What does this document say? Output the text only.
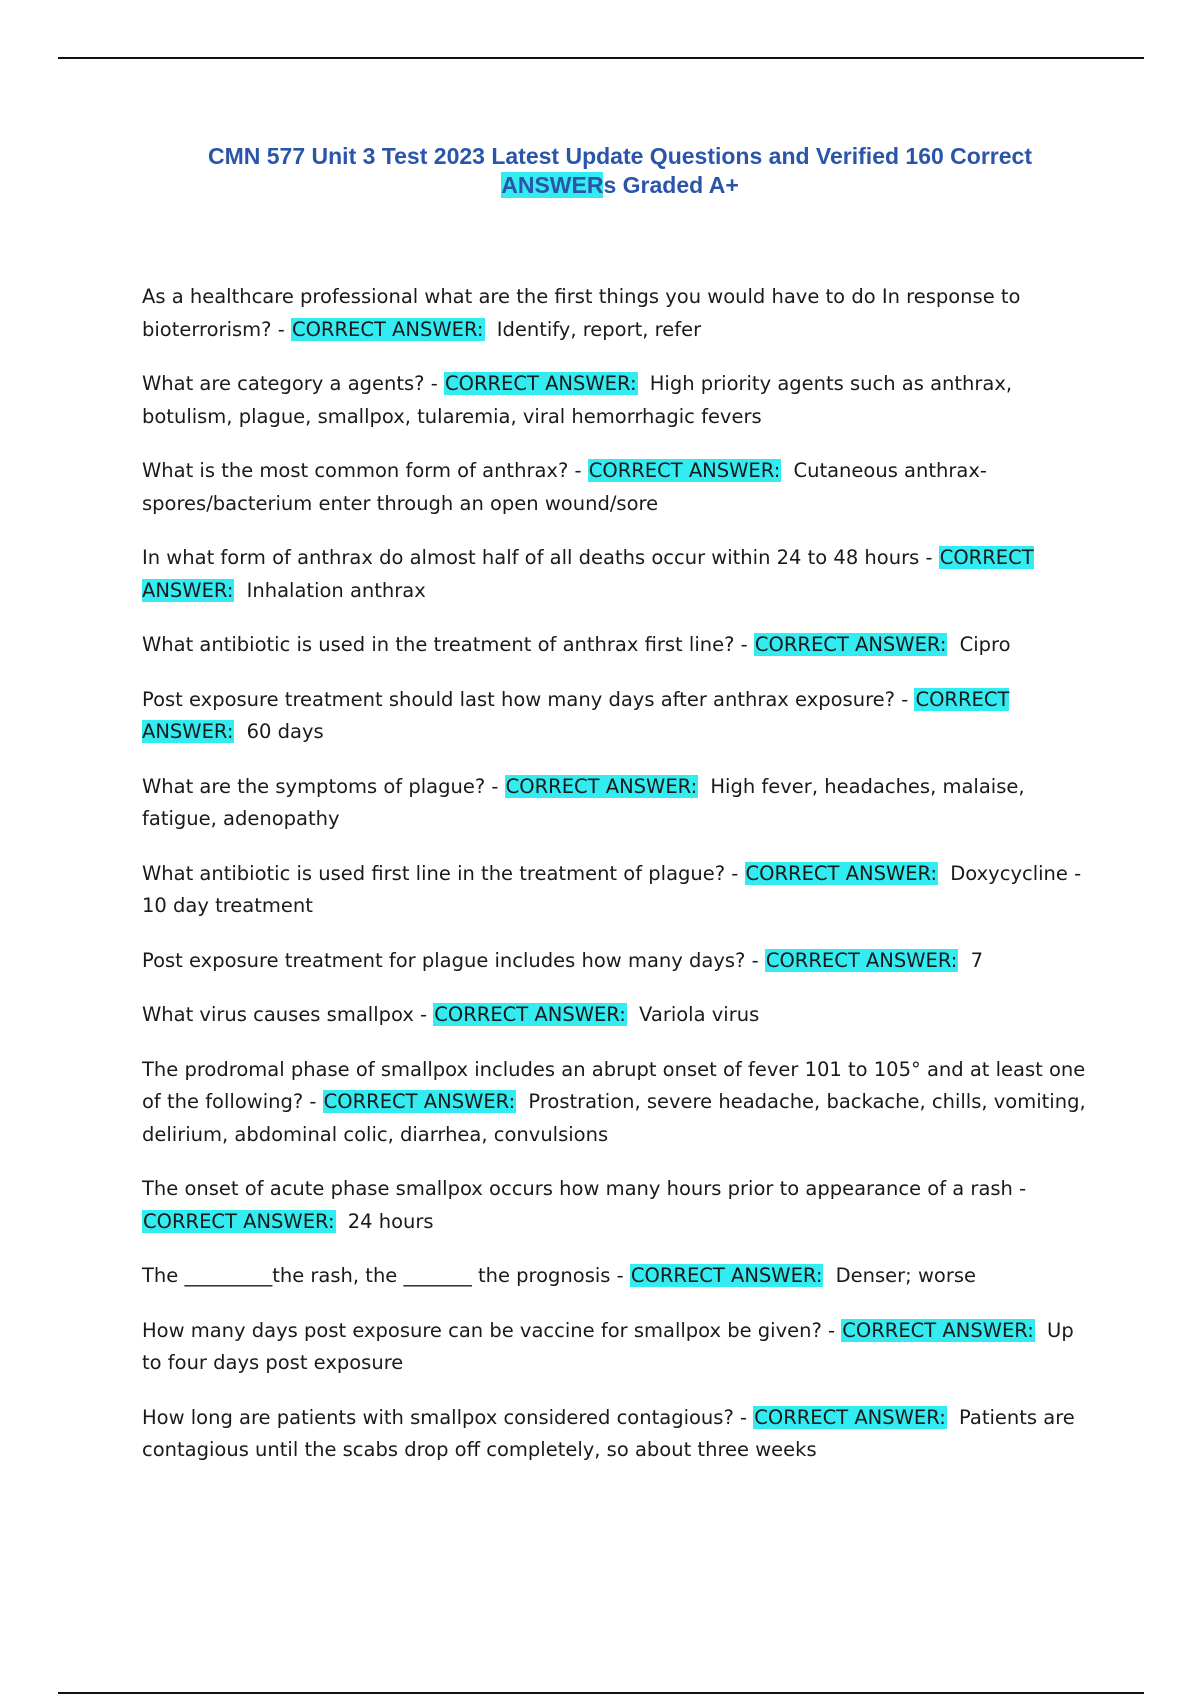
CMN 577 Unit 3 Test 2023 Latest Update Questions and Verified 160 Correct
ANSWERs Graded A+

As a healthcare professional what are the first things you would have to do In response to bioterrorism? - CORRECT ANSWER: Identify, report, refer

What are category a agents? - CORRECT ANSWER: High priority agents such as anthrax, botulism, plague, smallpox, tularemia, viral hemorrhagic fevers

What is the most common form of anthrax? - CORRECT ANSWER: Cutaneous anthrax- spores/bacterium enter through an open wound/sore

In what form of anthrax do almost half of all deaths occur within 24 to 48 hours - CORRECT ANSWER: Inhalation anthrax

What antibiotic is used in the treatment of anthrax first line? - CORRECT ANSWER: Cipro

Post exposure treatment should last how many days after anthrax exposure? - CORRECT ANSWER: 60 days

What are the symptoms of plague? - CORRECT ANSWER: High fever, headaches, malaise, fatigue, adenopathy

What antibiotic is used first line in the treatment of plague? - CORRECT ANSWER: Doxycycline - 10 day treatment

Post exposure treatment for plague includes how many days? - CORRECT ANSWER: 7

What virus causes smallpox - CORRECT ANSWER: Variola virus

The prodromal phase of smallpox includes an abrupt onset of fever 101 to 105° and at least one of the following? - CORRECT ANSWER: Prostration, severe headache, backache, chills, vomiting, delirium, abdominal colic, diarrhea, convulsions

The onset of acute phase smallpox occurs how many hours prior to appearance of a rash - CORRECT ANSWER: 24 hours

The _________the rash, the _______ the prognosis - CORRECT ANSWER: Denser; worse

How many days post exposure can be vaccine for smallpox be given? - CORRECT ANSWER: Up to four days post exposure

How long are patients with smallpox considered contagious? - CORRECT ANSWER: Patients are contagious until the scabs drop off completely, so about three weeks
